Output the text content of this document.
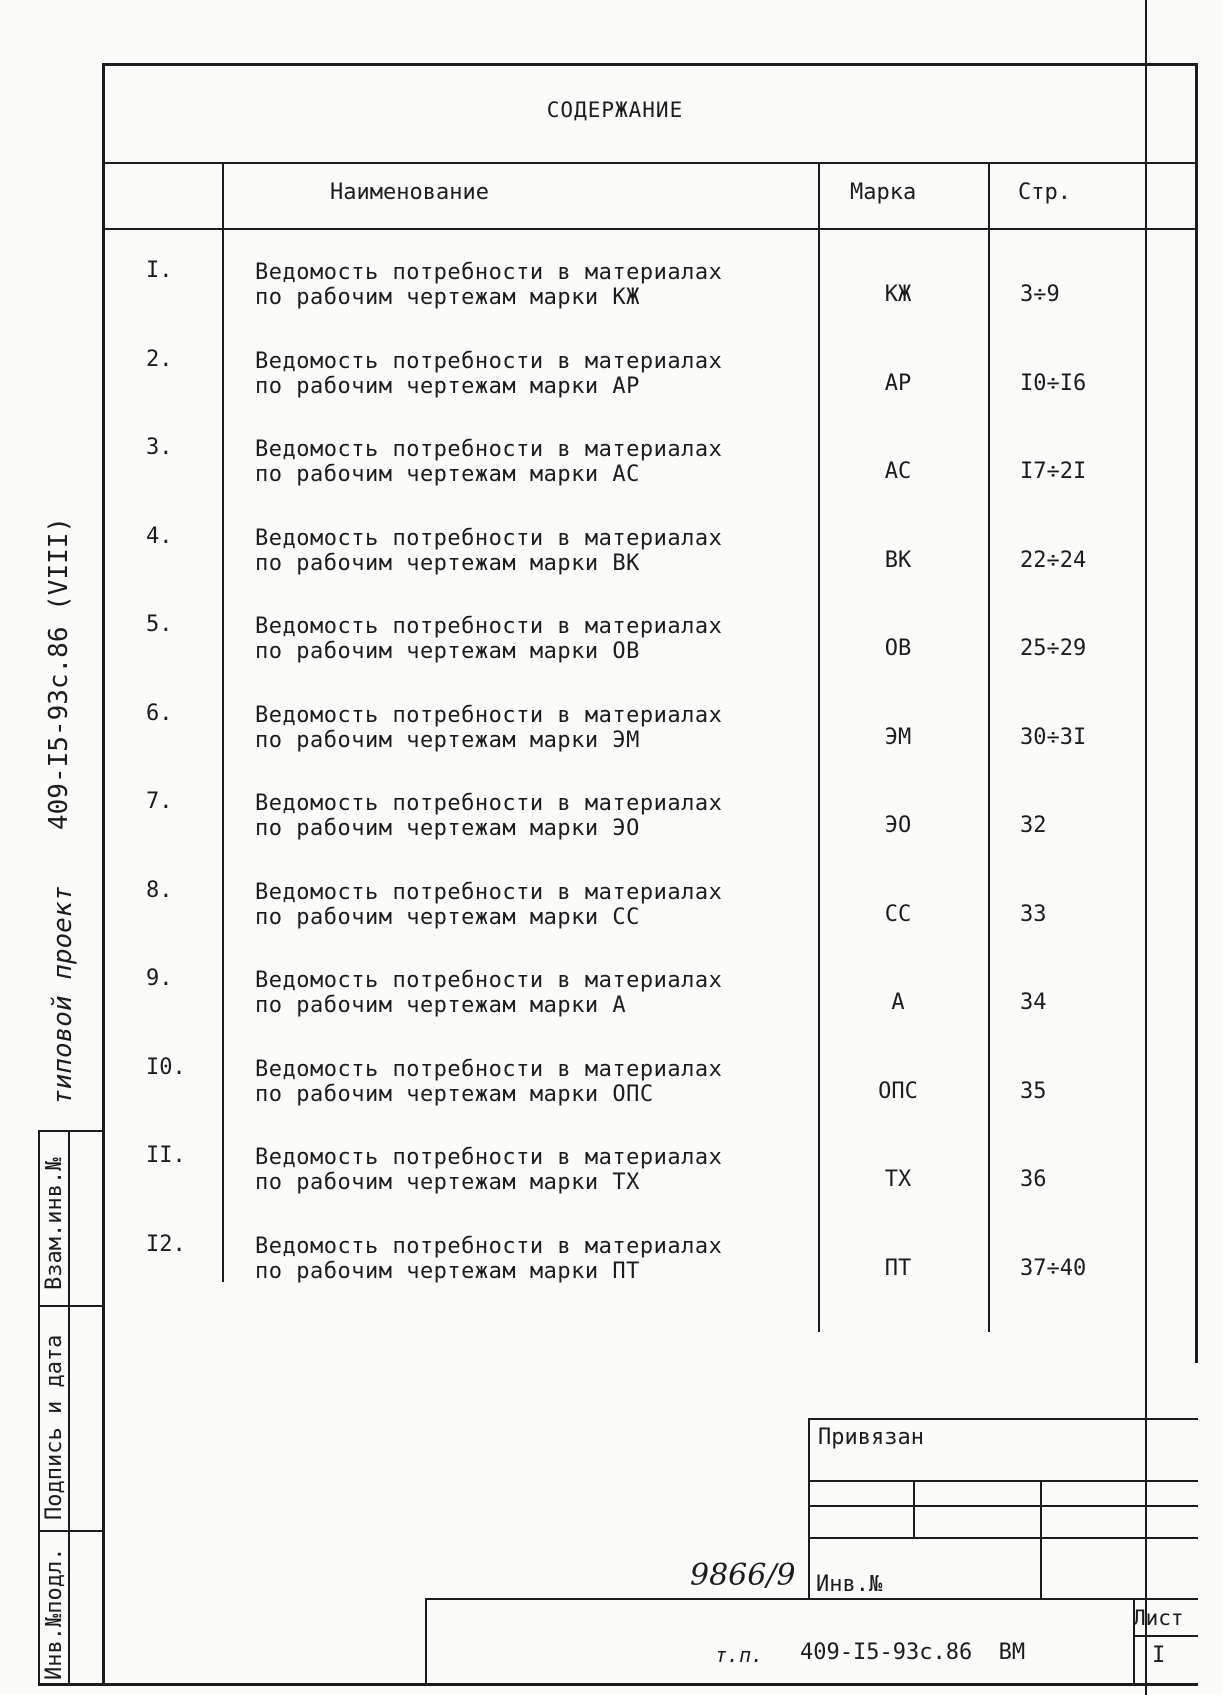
СОДЕРЖАНИЕ
Наименование	Марка	Стр.
I.	Ведомость потребности в материалах
по рабочим чертежам марки КЖ	КЖ	3÷9
2.	Ведомость потребности в материалах
по рабочим чертежам марки АР	АР	I0÷I6
3.	Ведомость потребности в материалах
по рабочим чертежам марки АС	АС	I7÷2I
4.	Ведомость потребности в материалах
по рабочим чертежам марки ВК	ВК	22÷24
5.	Ведомость потребности в материалах
по рабочим чертежам марки ОВ	ОВ	25÷29
6.	Ведомость потребности в материалах
по рабочим чертежам марки ЭМ	ЭМ	30÷3I
7.	Ведомость потребности в материалах
по рабочим чертежам марки ЭО	ЭО	32
8.	Ведомость потребности в материалах
по рабочим чертежам марки СС	СС	33
9.	Ведомость потребности в материалах
по рабочим чертежам марки А	А	34
I0.	Ведомость потребности в материалах
по рабочим чертежам марки ОПС	ОПС	35
II.	Ведомость потребности в материалах
по рабочим чертежам марки ТХ	ТХ	36
I2.	Ведомость потребности в материалах
по рабочим чертежам марки ПТ	ПТ	37÷40
типовой проект
409-I5-93с.86 (VIII)
Взам.инв.№
Подпись и дата
Инв.№подл.
Привязан
Инв.№
9866/9
т.п. 409-I5-93с.86  ВМ
Лист
I
